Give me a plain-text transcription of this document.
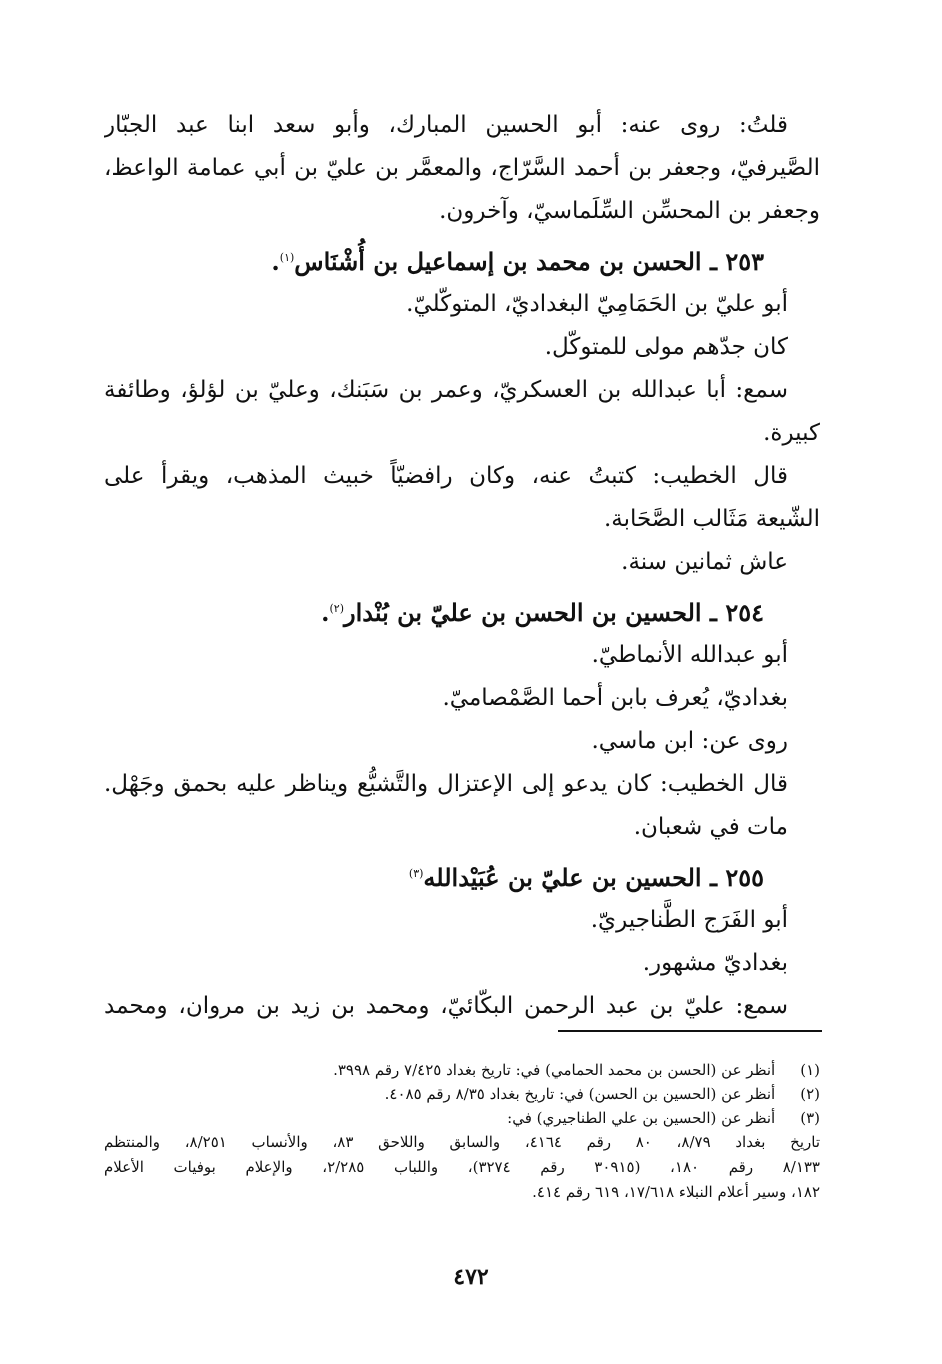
قلتُ: روى عنه: أبو الحسين المبارك، وأبو سعد ابنا عبد الجبّار
الصَّيرفيّ، وجعفر بن أحمد السَّرّاج، والمعمَّر بن عليّ بن أبي عمامة الواعظ،
وجعفر بن المحسِّن السِّلَماسيّ، وآخرون.
٢٥٣ ـ الحسن بن محمد بن إسماعيل بن أُشْنَاس$^{(١)}$.
أبو عليّ بن الحَمَامِيّ البغداديّ، المتوكّليّ.
كان جدّهم مولى للمتوكّل.
سمع: أبا عبدالله بن العسكريّ، وعمر بن سَبَنك، وعليّ بن لؤلؤ، وطائفة
كبيرة.
قال الخطيب: كتبتُ عنه، وكان رافضيّاً خبيث المذهب، ويقرأ على
الشّيعة مَثَالب الصَّحَابة.
عاش ثمانين سنة.
٢٥٤ ـ الحسين بن الحسن بن عليّ بن بُنْدار$^{(٢)}$.
أبو عبدالله الأنماطيّ.
بغداديّ، يُعرف بابن أحما الصَّمْصاميّ.
روى عن: ابن ماسي.
قال الخطيب: كان يدعو إلى الإعتزال والتَّشيُّع ويناظر عليه بحمق وجَهْل.
مات في شعبان.
٢٥٥ ـ الحسين بن عليّ بن عُبَيْدالله$^{(٣)}$
أبو الفَرَج الطَّناجيريّ.
بغداديّ مشهور.
سمع: عليّ بن عبد الرحمن البكّائيّ، ومحمد بن زيد بن مروان، ومحمد
(١) أنظر عن (الحسن بن محمد الحمامي) في: تاريخ بغداد ٧/٤٢٥ رقم ٣٩٩٨.
(٢) أنظر عن (الحسين بن الحسن) في: تاريخ بغداد ٨/٣٥ رقم ٤٠٨٥.
(٣) أنظر عن (الحسين بن علي الطناجيري) في:
تاريخ بغداد ٨/٧٩، ٨٠ رقم ٤١٦٤، والسابق واللاحق ٨٣، والأنساب ٨/٢٥١، والمنتظم
٨/١٣٣ رقم ١٨٠، (٣٠٩١٥ رقم ٣٢٧٤)، واللباب ٢/٢٨٥، والإعلام بوفيات الأعلام
١٨٢، وسير أعلام النبلاء ١٧/٦١٨، ٦١٩ رقم ٤١٤.
٤٧٢
